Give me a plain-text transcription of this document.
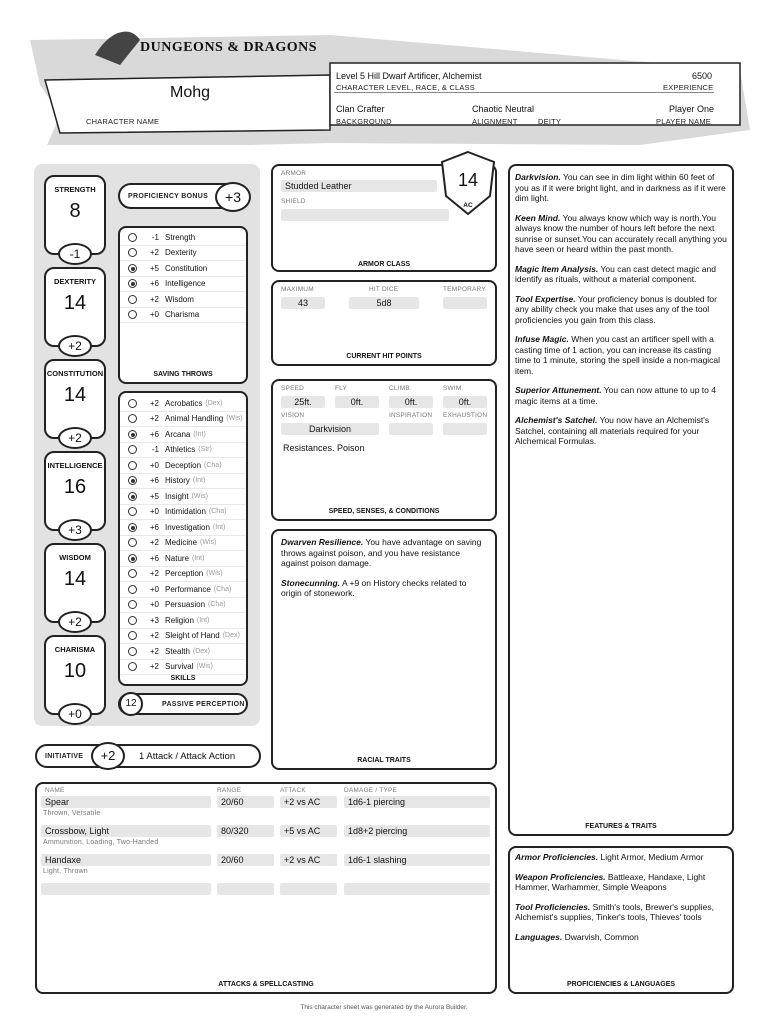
DUNGEONS & DRAGONS
Mohg
CHARACTER NAME
Level 5 Hill Dwarf Artificer, Alchemist	6500
CHARACTER LEVEL, RACE, & CLASS	EXPERIENCE
Clan Crafter	Chaotic Neutral	Player One
BACKGROUND	ALIGNMENT	DEITY	PLAYER NAME
STRENGTH
8
-1
DEXTERITY
14
+2
CONSTITUTION
14
+2
INTELLIGENCE
16
+3
WISDOM
14
+2
CHARISMA
10
+0
PROFICIENCY BONUS	+3
-1 Strength
+2 Dexterity
+5 Constitution
+6 Intelligence
+2 Wisdom
+0 Charisma
SAVING THROWS
+2 Acrobatics (Dex)
+2 Animal Handling (Wis)
+6 Arcana (Int)
-1 Athletics (Str)
+0 Deception (Cha)
+6 History (Int)
+5 Insight (Wis)
+0 Intimidation (Cha)
+6 Investigation (Int)
+2 Medicine (Wis)
+6 Nature (Int)
+2 Perception (Wis)
+0 Performance (Cha)
+0 Persuasion (Cha)
+3 Religion (Int)
+2 Sleight of Hand (Dex)
+2 Stealth (Dex)
+2 Survival (Wis)
SKILLS
PASSIVE PERCEPTION
12
INITIATIVE	1 Attack / Attack Action
+2
ARMOR
Studded Leather
SHIELD
ARMOR CLASS
14
AC
MAXIMUM	HIT DICE	TEMPORARY
43	5d8
CURRENT HIT POINTS
SPEED	FLY	CLIMB	SWIM
25ft.	0ft.	0ft.	0ft.
VISION	INSPIRATION EXHAUSTION
Darkvision
Resistances. Poison
SPEED, SENSES, & CONDITIONS
Dwarven Resilience. You have advantage on saving throws against poison, and you have resistance against poison damage.
Stonecunning. A +9 on History checks related to origin of stonework.
RACIAL TRAITS
Darkvision. You can see in dim light within 60 feet of you as if it were bright light, and in darkness as if it were dim light.
Keen Mind. You always know which way is north.You always know the number of hours left before the next sunrise or sunset.You can accurately recall anything you have seen or heard within the past month.
Magic Item Analysis. You can cast detect magic and identify as rituals, without a material component.
Tool Expertise. Your proficiency bonus is doubled for any ability check you make that uses any of the tool proficiencies you gain from this class.
Infuse Magic. When you cast an artificer spell with a casting time of 1 action, you can increase its casting time to 1 minute, storing the spell inside a non-magical item.
Superior Attunement. You can now attune to up to 4 magic items at a time.
Alchemist's Satchel. You now have an Alchemist's Satchel, containing all materials required for your Alchemical Formulas.
FEATURES & TRAITS
Armor Proficiencies. Light Armor, Medium Armor
Weapon Proficiencies. Battleaxe, Handaxe, Light Hammer, Warhammer, Simple Weapons
Tool Proficiencies. Smith's tools, Brewer's supplies, Alchemist's supplies, Tinker's tools, Thieves' tools
Languages. Dwarvish, Common
PROFICIENCIES & LANGUAGES
NAME	RANGE	ATTACK	DAMAGE / TYPE
Spear	20/60	+2 vs AC	1d6-1 piercing
Thrown, Versatile
Crossbow, Light	80/320	+5 vs AC	1d8+2 piercing
Ammunition, Loading, Two-Handed
Handaxe	20/60	+2 vs AC	1d6-1 slashing
Light, Thrown
ATTACKS & SPELLCASTING
This character sheet was generated by the Aurora Builder.
